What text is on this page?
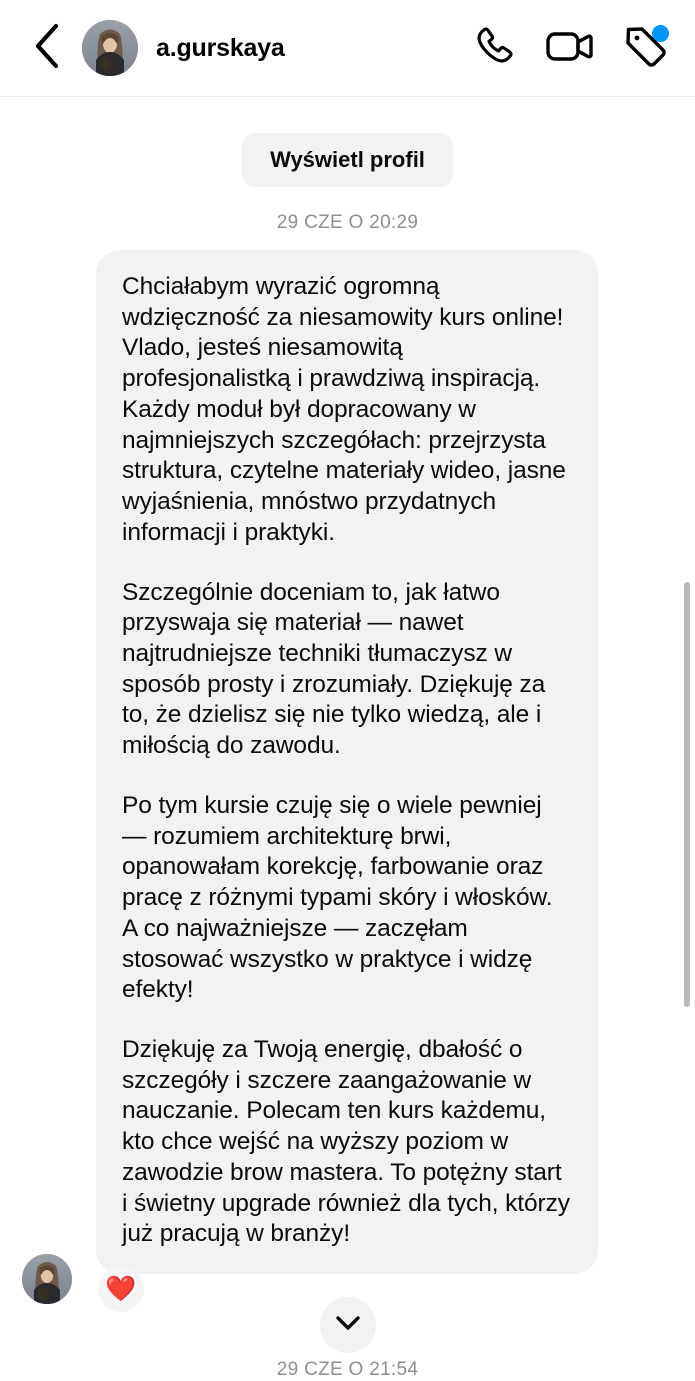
a.gurskaya
Wyświetl profil
29 CZE O 20:29

Chciałabym wyrazić ogromną wdzięczność za niesamowity kurs online! Vlado, jesteś niesamowitą profesjonalistką i prawdziwą inspiracją. Każdy moduł był dopracowany w najmniejszych szczegółach: przejrzysta struktura, czytelne materiały wideo, jasne wyjaśnienia, mnóstwo przydatnych informacji i praktyki.

Szczególnie doceniam to, jak łatwo przyswaja się materiał — nawet najtrudniejsze techniki tłumaczysz w sposób prosty i zrozumiały. Dziękuję za to, że dzielisz się nie tylko wiedzą, ale i miłością do zawodu.

Po tym kursie czuję się o wiele pewniej — rozumiem architekturę brwi, opanowałam korekcję, farbowanie oraz pracę z różnymi typami skóry i włosków. A co najważniejsze — zaczęłam stosować wszystko w praktyce i widzę efekty!

Dziękuję za Twoją energię, dbałość o szczegóły i szczere zaangażowanie w nauczanie. Polecam ten kurs każdemu, kto chce wejść na wyższy poziom w zawodzie brow mastera. To potężny start i świetny upgrade również dla tych, którzy już pracują w branży!

❤️
29 CZE O 21:54
